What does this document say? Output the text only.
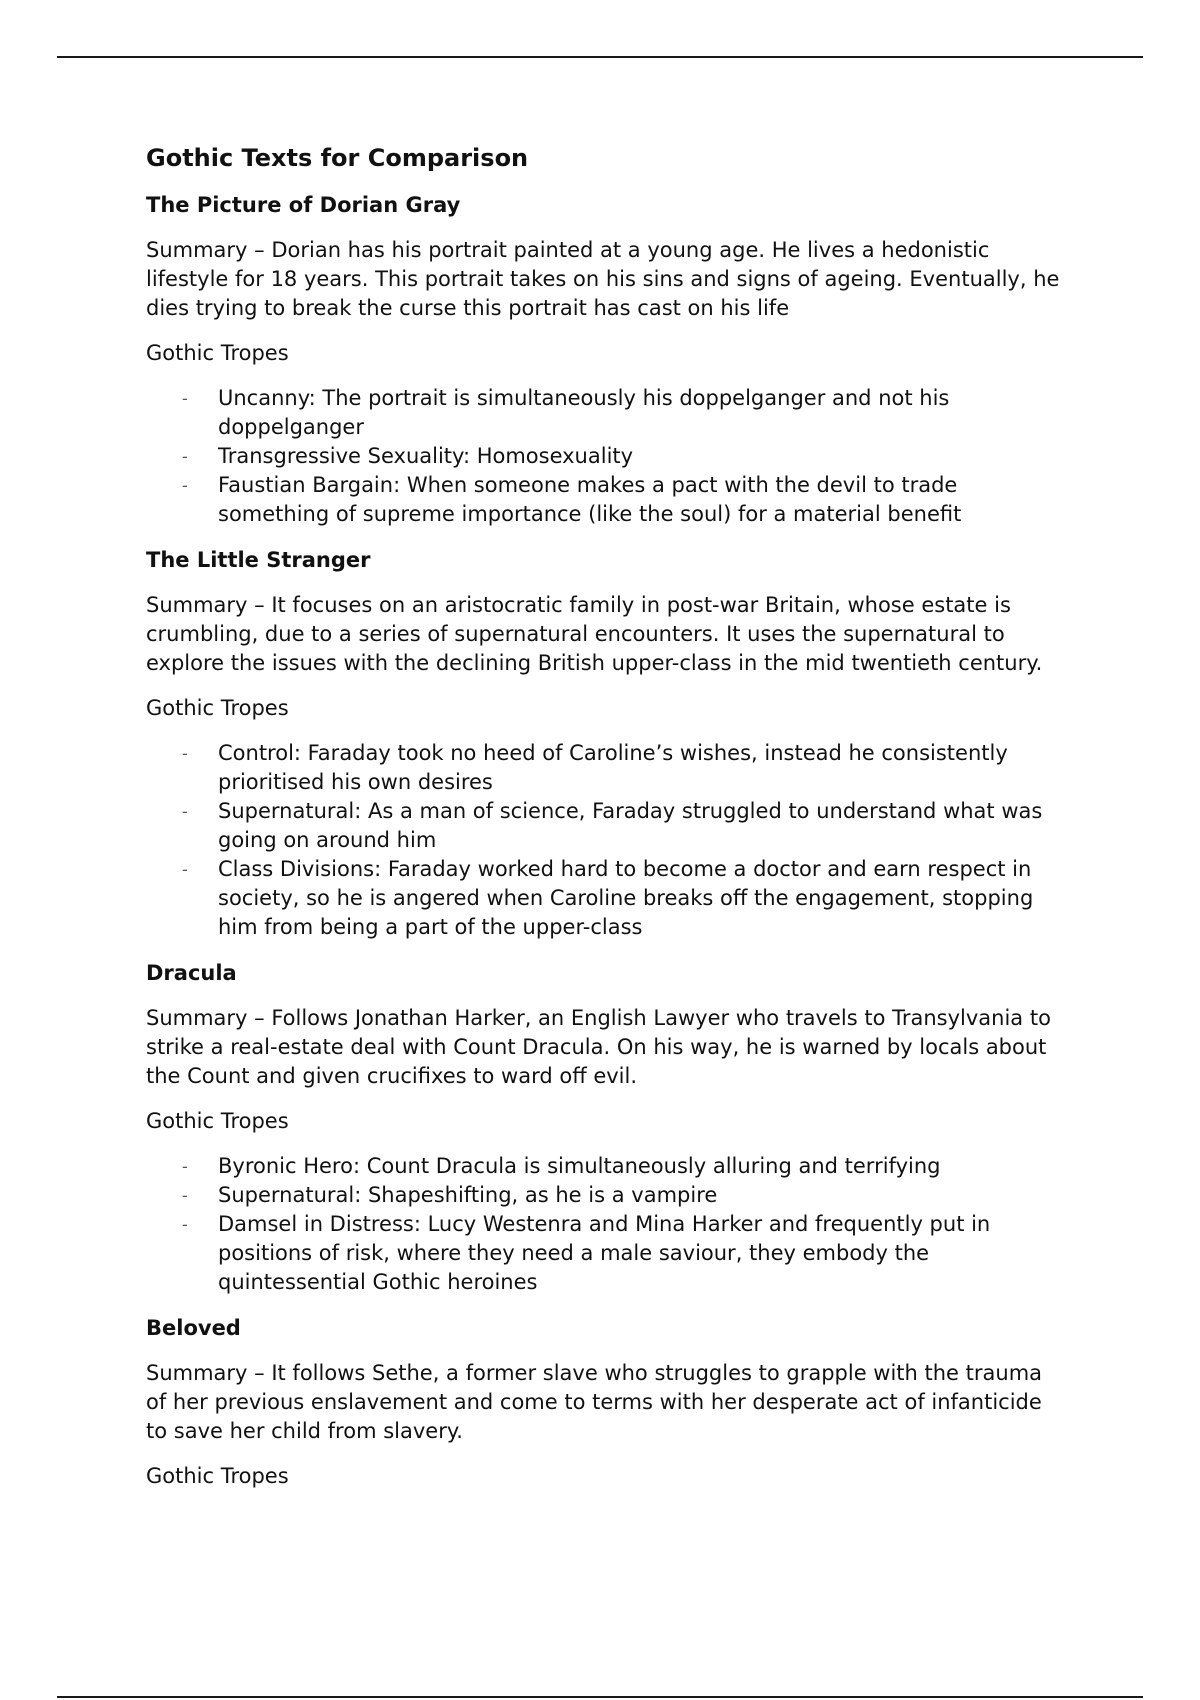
Gothic Texts for Comparison
The Picture of Dorian Gray
Summary – Dorian has his portrait painted at a young age. He lives a hedonistic lifestyle for 18 years. This portrait takes on his sins and signs of ageing. Eventually, he dies trying to break the curse this portrait has cast on his life
Gothic Tropes
- Uncanny: The portrait is simultaneously his doppelganger and not his doppelganger
- Transgressive Sexuality: Homosexuality
- Faustian Bargain: When someone makes a pact with the devil to trade something of supreme importance (like the soul) for a material benefit
The Little Stranger
Summary – It focuses on an aristocratic family in post-war Britain, whose estate is crumbling, due to a series of supernatural encounters. It uses the supernatural to explore the issues with the declining British upper-class in the mid twentieth century.
Gothic Tropes
- Control: Faraday took no heed of Caroline’s wishes, instead he consistently prioritised his own desires
- Supernatural: As a man of science, Faraday struggled to understand what was going on around him
- Class Divisions: Faraday worked hard to become a doctor and earn respect in society, so he is angered when Caroline breaks off the engagement, stopping him from being a part of the upper-class
Dracula
Summary – Follows Jonathan Harker, an English Lawyer who travels to Transylvania to strike a real-estate deal with Count Dracula. On his way, he is warned by locals about the Count and given crucifixes to ward off evil.
Gothic Tropes
- Byronic Hero: Count Dracula is simultaneously alluring and terrifying
- Supernatural: Shapeshifting, as he is a vampire
- Damsel in Distress: Lucy Westenra and Mina Harker and frequently put in positions of risk, where they need a male saviour, they embody the quintessential Gothic heroines
Beloved
Summary – It follows Sethe, a former slave who struggles to grapple with the trauma of her previous enslavement and come to terms with her desperate act of infanticide to save her child from slavery.
Gothic Tropes
